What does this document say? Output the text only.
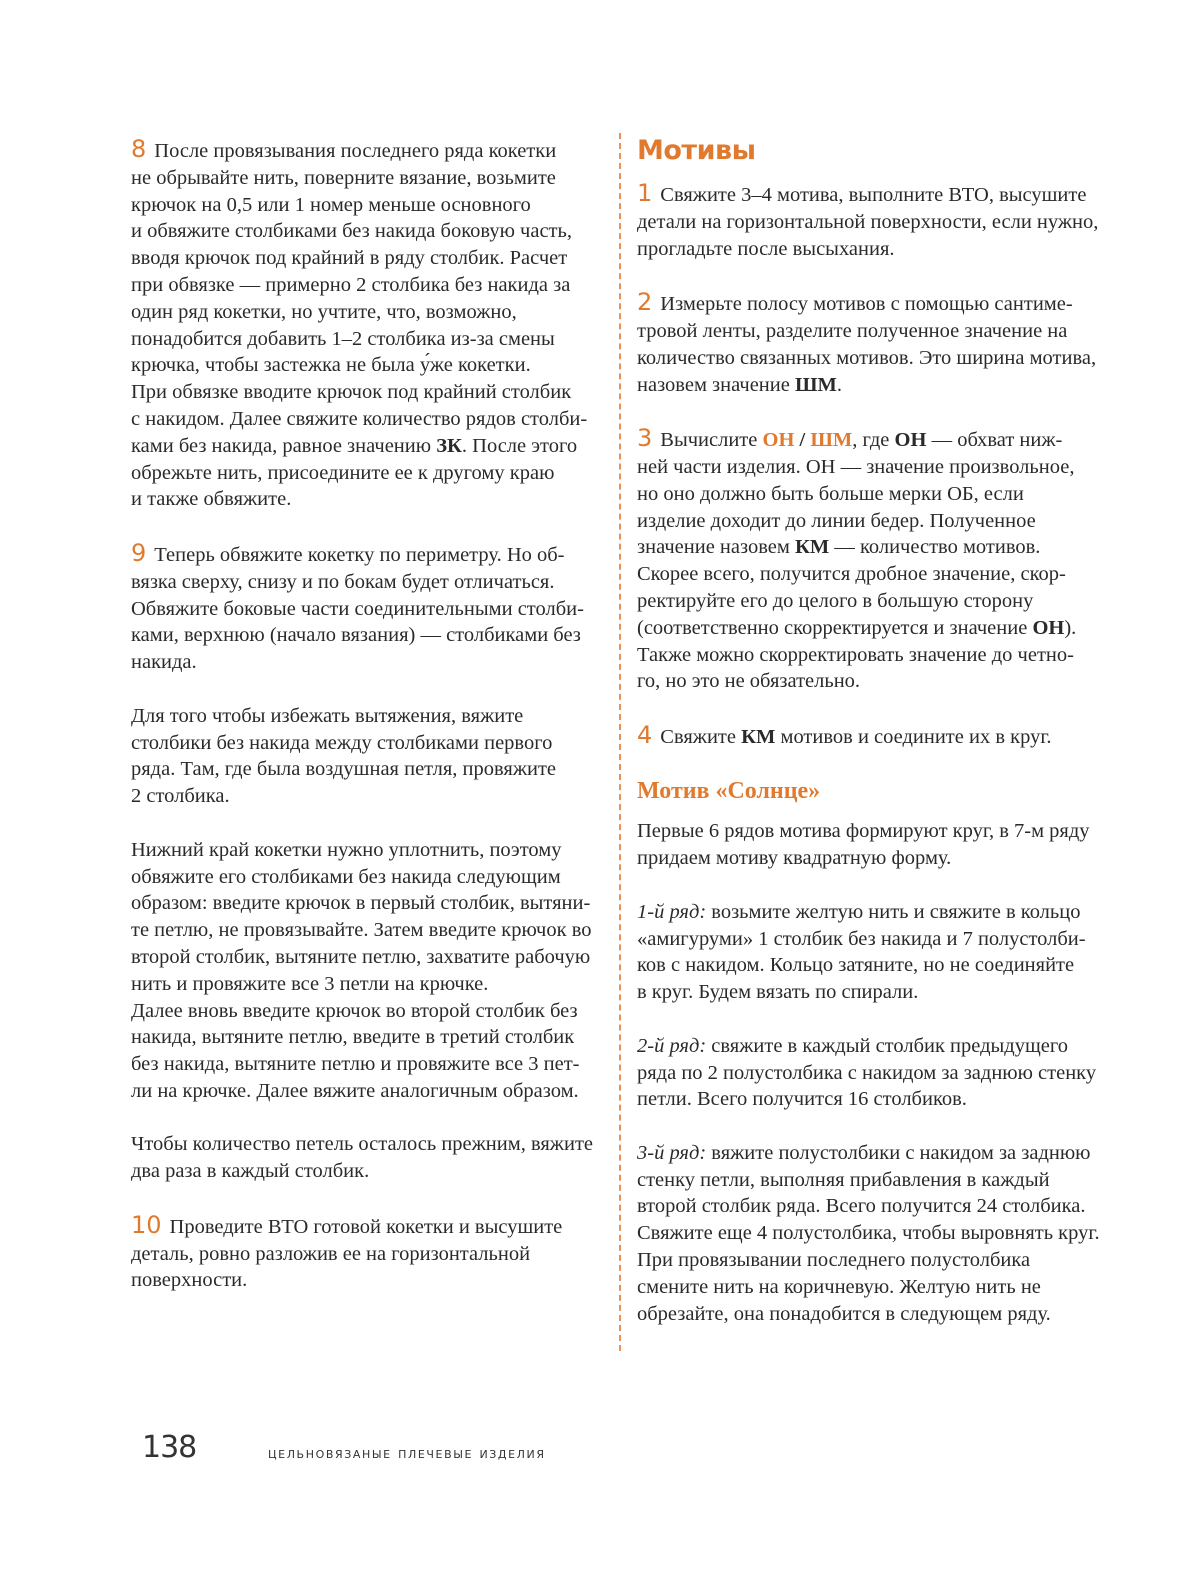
8 После провязывания последнего ряда кокетки
не обрывайте нить, поверните вязание, возьмите
крючок на 0,5 или 1 номер меньше основного
и обвяжите столбиками без накида боковую часть,
вводя крючок под крайний в ряду столбик. Расчет
при обвязке — примерно 2 столбика без накида за
один ряд кокетки, но учтите, что, возможно,
понадобится добавить 1–2 столбика из-за смены
крючка, чтобы застежка не была у́же кокетки.
При обвязке вводите крючок под крайний столбик
с накидом. Далее свяжите количество рядов столби-
ками без накида, равное значению ЗК. После этого
обрежьте нить, присоедините ее к другому краю
и также обвяжите.

9 Теперь обвяжите кокетку по периметру. Но об-
вязка сверху, снизу и по бокам будет отличаться.
Обвяжите боковые части соединительными столби-
ками, верхнюю (начало вязания) — столбиками без
накида.

Для того чтобы избежать вытяжения, вяжите
столбики без накида между столбиками первого
ряда. Там, где была воздушная петля, провяжите
2 столбика.

Нижний край кокетки нужно уплотнить, поэтому
обвяжите его столбиками без накида следующим
образом: введите крючок в первый столбик, вытяни-
те петлю, не провязывайте. Затем введите крючок во
второй столбик, вытяните петлю, захватите рабочую
нить и провяжите все 3 петли на крючке.
Далее вновь введите крючок во второй столбик без
накида, вытяните петлю, введите в третий столбик
без накида, вытяните петлю и провяжите все 3 пет-
ли на крючке. Далее вяжите аналогичным образом.

Чтобы количество петель осталось прежним, вяжите
два раза в каждый столбик.

10 Проведите ВТО готовой кокетки и высушите
деталь, ровно разложив ее на горизонтальной
поверхности.

Мотивы

1 Свяжите 3–4 мотива, выполните ВТО, высушите
детали на горизонтальной поверхности, если нужно,
прогладьте после высыхания.

2 Измерьте полосу мотивов с помощью сантиме-
тровой ленты, разделите полученное значение на
количество связанных мотивов. Это ширина мотива,
назовем значение ШМ.

3 Вычислите ОН / ШМ, где ОН — обхват ниж-
ней части изделия. ОН — значение произвольное,
но оно должно быть больше мерки ОБ, если
изделие доходит до линии бедер. Полученное
значение назовем КМ — количество мотивов.
Скорее всего, получится дробное значение, скор-
ректируйте его до целого в большую сторону
(соответственно скорректируется и значение ОН).
Также можно скорректировать значение до четно-
го, но это не обязательно.

4 Свяжите КМ мотивов и соедините их в круг.

Мотив «Солнце»

Первые 6 рядов мотива формируют круг, в 7-м ряду
придаем мотиву квадратную форму.

1-й ряд: возьмите желтую нить и свяжите в кольцо
«амигуруми» 1 столбик без накида и 7 полустолби-
ков с накидом. Кольцо затяните, но не соединяйте
в круг. Будем вязать по спирали.

2-й ряд: свяжите в каждый столбик предыдущего
ряда по 2 полустолбика с накидом за заднюю стенку
петли. Всего получится 16 столбиков.

3-й ряд: вяжите полустолбики с накидом за заднюю
стенку петли, выполняя прибавления в каждый
второй столбик ряда. Всего получится 24 столбика.
Свяжите еще 4 полустолбика, чтобы выровнять круг.
При провязывании последнего полустолбика
смените нить на коричневую. Желтую нить не
обрезайте, она понадобится в следующем ряду.

138	цельновязаные плечевые изделия
